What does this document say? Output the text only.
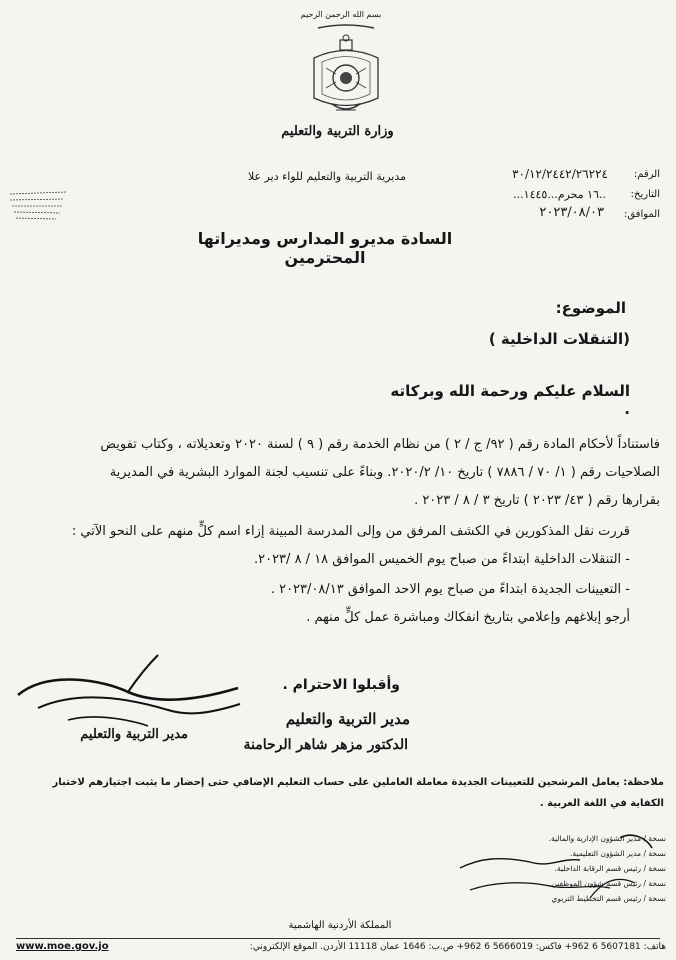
بسم الله الرحمن الرحيم
وزارة التربية والتعليم
الرقم:
٣٠/١٢/٢٤٤٢/٢٦٢٢٤
التاريخ:
..١٦ محرم...١٤٤٥...
الموافق:
٢٠٢٣/٠٨/٠٣
مديرية التربية والتعليم للواء دير علا
السادة مديرو المدارس ومديراتها المحترمين
الموضوع:
(التنقلات الداخلية )
السلام عليكم ورحمة الله وبركاته .
فاستناداً لأحكام المادة رقم ( ٩٢/ ج / ٢ ) من نظام الخدمة رقم ( ٩ ) لسنة ٢٠٢٠ وتعديلاته ، وكتاب تفويض
الصلاحيات رقم ( ١/ ٧٠ / ٧٨٨٦ ) تاريخ ١٠/ ٢٠٢٠/٢. وبناءً على تنسيب لجنة الموارد البشرية في المديرية
بقرارها رقم ( ٤٣/ ٢٠٢٣ ) تاريخ ٣ / ٨ / ٢٠٢٣ .
قررت نقل المذكورين في الكشف المرفق من وإلى المدرسة المبينة إزاء اسم كلٍّ منهم على النحو الآتي :
- التنقلات الداخلية ابتداءً من صباح يوم الخميس الموافق ١٨ / ٨ /٢٠٢٣.
- التعيينات الجديدة ابتداءً من صباح يوم الاحد الموافق ٢٠٢٣/٠٨/١٣ .
أرجو إبلاغهم وإعلامي بتاريخ انفكاك ومباشرة عمل كلٍّ منهم .
وأقبلوا الاحترام .
مدير التربية والتعليم
الدكتور مزهر شاهر الرحامنة
مدير التربية والتعليم
ملاحظة: يعامل المرشحين للتعيينات الجديدة معاملة العاملين على حساب التعليم الإضافي حتى إحضار ما يثبت اجتيازهم لاختبار
الكفاية في اللغة العربية .
نسخة / مدير الشؤون الإدارية والمالية.
نسخة / مدير الشؤون التعليمية.
نسخة / رئيس قسم الرقابة الداخلية.
نسخة / رئيس قسم شؤون الموظفين.
نسخة / رئيس قسم التخطيط التربوي
المملكة الأردنية الهاشمية
هاتف: 5607181 6 962+ فاكس: 5666019 6 962+ ص.ب: 1646 عمان 11118 الأردن. الموقع الإلكتروني:
www.moe.gov.jo
